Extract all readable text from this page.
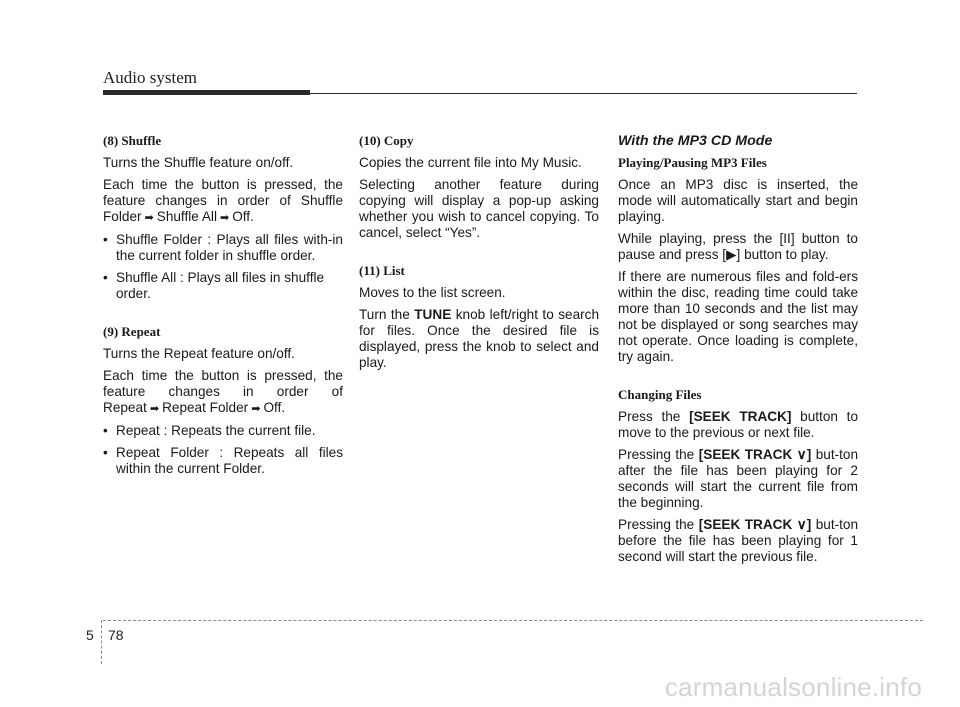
Audio system

(8) Shuffle

Turns the Shuffle feature on/off.

Each time the button is pressed, the feature changes in order of Shuffle Folder ➡ Shuffle All ➡ Off.

• Shuffle Folder : Plays all files with-in the current folder in shuffle order.
• Shuffle All : Plays all files in shuffle order.

(9) Repeat

Turns the Repeat feature on/off.

Each time the button is pressed, the feature changes in order of Repeat ➡ Repeat Folder ➡ Off.

• Repeat : Repeats the current file.
• Repeat Folder : Repeats all files within the current Folder.

(10) Copy

Copies the current file into My Music.

Selecting another feature during copying will display a pop-up asking whether you wish to cancel copying. To cancel, select “Yes”.

(11) List

Moves to the list screen.

Turn the TUNE knob left/right to search for files. Once the desired file is displayed, press the knob to select and play.

With the MP3 CD Mode

Playing/Pausing MP3 Files

Once an MP3 disc is inserted, the mode will automatically start and begin playing.

While playing, press the [II] button to pause and press [▶] button to play.

If there are numerous files and fold-ers within the disc, reading time could take more than 10 seconds and the list may not be displayed or song searches may not operate. Once loading is complete, try again.

Changing Files

Press the [SEEK TRACK] button to move to the previous or next file.

Pressing the [SEEK TRACK ∨] but-ton after the file has been playing for 2 seconds will start the current file from the beginning.

Pressing the [SEEK TRACK ∨] but-ton before the file has been playing for 1 second will start the previous file.

5 78
carmanualsonline.info
